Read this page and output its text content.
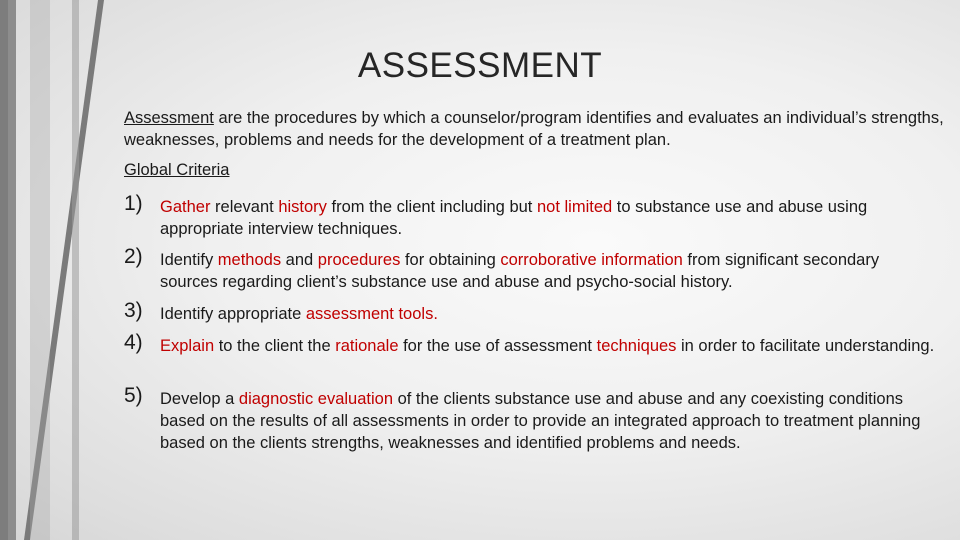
ASSESSMENT

Assessment are the procedures by which a counselor/program identifies and evaluates an individual’s strengths, weaknesses, problems and needs for the development of a treatment plan.

Global Criteria

1) Gather relevant history from the client including but not limited to substance use and abuse using appropriate interview techniques.

2) Identify methods and procedures for obtaining corroborative information from significant secondary sources regarding client’s substance use and abuse and psycho-social history.

3) Identify appropriate assessment tools.

4) Explain to the client the rationale for the use of assessment techniques in order to facilitate understanding.

5) Develop a diagnostic evaluation of the clients substance use and abuse and any coexisting conditions based on the results of all assessments in order to provide an integrated approach to treatment planning based on the clients strengths, weaknesses and identified problems and needs.
